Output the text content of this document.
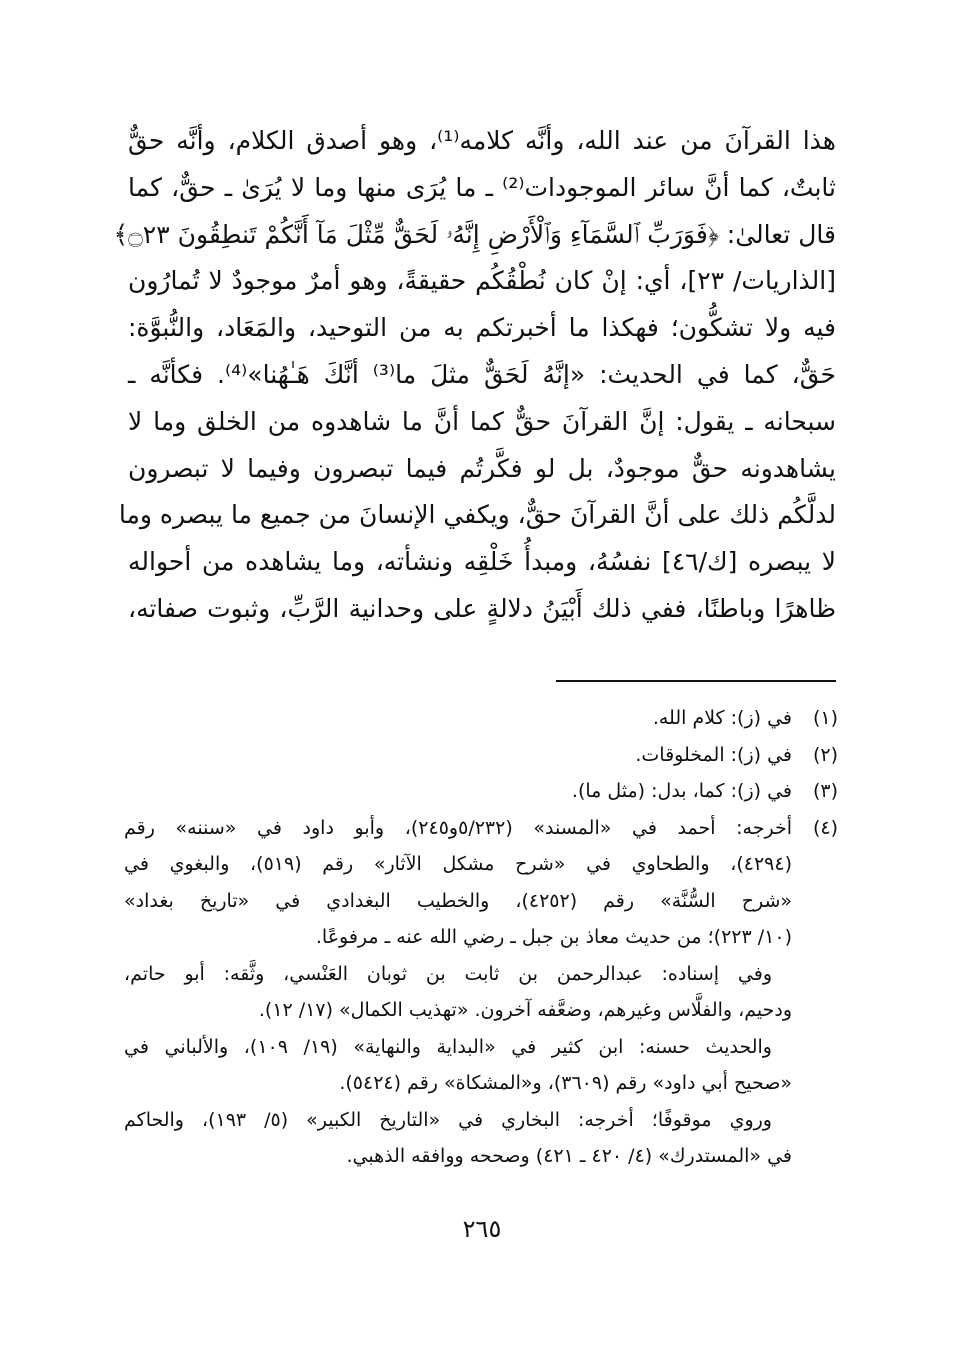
هذا القرآنَ من عند الله، وأنَّه كلامه⁽¹⁾، وهو أصدق الكلام، وأنَّه حقٌّ
ثابتٌ، كما أنَّ سائر الموجودات⁽²⁾ ـ ما يُرَى منها وما لا يُرَىٰ ـ حقٌّ، كما
قال تعالىٰ: ﴿فَوَرَبِّ ٱلسَّمَآءِ وَٱلْأَرْضِ إِنَّهُۥ لَحَقٌّ مِّثْلَ مَآ أَنَّكُمْ تَنطِقُونَ ۝٢٣﴾
[الذاريات/ ٢٣]، أي: إنْ كان نُطْقُكُم حقيقةً، وهو أمرٌ موجودٌ لا تُمارُون
فيه ولا تشكُّون؛ فهكذا ما أخبرتكم به من التوحيد، والمَعَاد، والنُّبوَّة:
حَقٌّ، كما في الحديث: «إنَّهُ لَحَقٌّ مثلَ ما⁽³⁾ أنَّكَ هَـٰهُنا»⁽⁴⁾. فكأنَّه ـ
سبحانه ـ يقول: إنَّ القرآنَ حقٌّ كما أنَّ ما شاهدوه من الخلق وما لا
يشاهدونه حقٌّ موجودٌ، بل لو فكَّرتُم فيما تبصرون وفيما لا تبصرون
لدلَّكُم ذلك على أنَّ القرآنَ حقٌّ، ويكفي الإنسانَ من جميع ما يبصره وما
لا يبصره [ك/٤٦] نفسُهُ، ومبدأُ خَلْقِه ونشأته، وما يشاهده من أحواله
ظاهرًا وباطنًا، ففي ذلك أَبْيَنُ دلالةٍ على وحدانية الرَّبِّ، وثبوت صفاته،
(١)
في (ز): كلام الله.
(٢)
في (ز): المخلوقات.
(٣)
في (ز): كما، بدل: (مثل ما).
(٤)
أخرجه: أحمد في «المسند» (٥/٢٣٢و٢٤٥)، وأبو داود في «سننه» رقم
(٤٢٩٤)، والطحاوي في «شرح مشكل الآثار» رقم (٥١٩)، والبغوي في
«شرح السُّنَّة» رقم (٤٢٥٢)، والخطيب البغدادي في «تاريخ بغداد»
(١٠/ ٢٢٣)؛ من حديث معاذ بن جبل ـ رضي الله عنه ـ مرفوعًا.
وفي إسناده: عبدالرحمن بن ثابت بن ثوبان العَنْسي، وثَّقه: أبو حاتم،
ودحيم، والفلَّاس وغيرهم، وضعَّفه آخرون. «تهذيب الكمال» (١٧/ ١٢).
والحديث حسنه: ابن كثير في «البداية والنهاية» (١٩/ ١٠٩)، والألباني في
«صحيح أبي داود» رقم (٣٦٠٩)، و«المشكاة» رقم (٥٤٢٤).
وروي موقوفًا؛ أخرجه: البخاري في «التاريخ الكبير» (٥/ ١٩٣)، والحاكم
في «المستدرك» (٤/ ٤٢٠ ـ ٤٢١) وصححه ووافقه الذهبي.
٢٦٥
